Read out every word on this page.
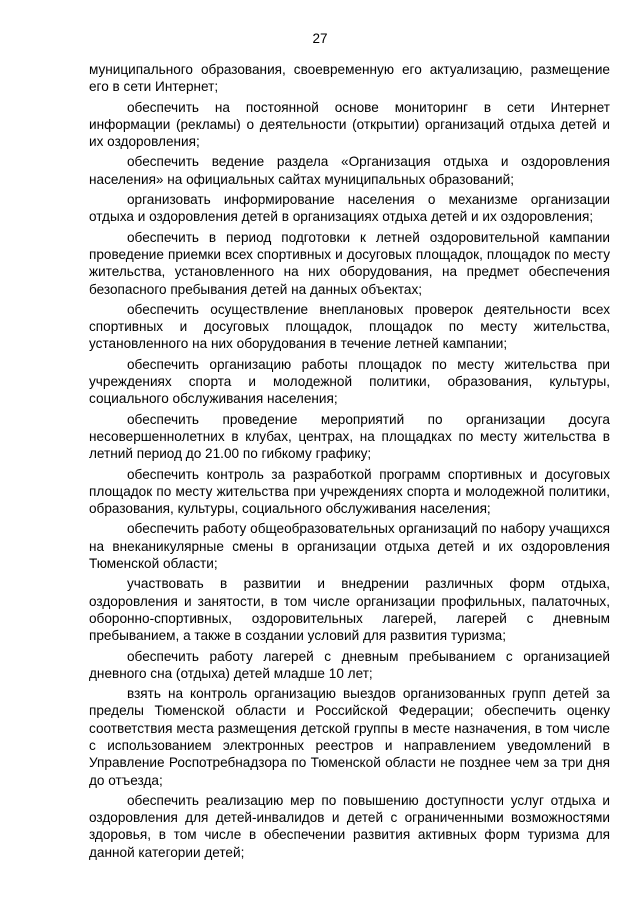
27

муниципального образования, своевременную его актуализацию, размещение его в сети Интернет;

обеспечить на постоянной основе мониторинг в сети Интернет информации (рекламы) о деятельности (открытии) организаций отдыха детей и их оздоровления;

обеспечить ведение раздела «Организация отдыха и оздоровления населения» на официальных сайтах муниципальных образований;

организовать информирование населения о механизме организации отдыха и оздоровления детей в организациях отдыха детей и их оздоровления;

обеспечить в период подготовки к летней оздоровительной кампании проведение приемки всех спортивных и досуговых площадок, площадок по месту жительства, установленного на них оборудования, на предмет обеспечения безопасного пребывания детей на данных объектах;

обеспечить осуществление внеплановых проверок деятельности всех спортивных и досуговых площадок, площадок по месту жительства, установленного на них оборудования в течение летней кампании;

обеспечить организацию работы площадок по месту жительства при учреждениях спорта и молодежной политики, образования, культуры, социального обслуживания населения;

обеспечить проведение мероприятий по организации досуга несовершеннолетних в клубах, центрах, на площадках по месту жительства в летний период до 21.00 по гибкому графику;

обеспечить контроль за разработкой программ спортивных и досуговых площадок по месту жительства при учреждениях спорта и молодежной политики, образования, культуры, социального обслуживания населения;

обеспечить работу общеобразовательных организаций по набору учащихся на внеканикулярные смены в организации отдыха детей и их оздоровления Тюменской области;

участвовать в развитии и внедрении различных форм отдыха, оздоровления и занятости, в том числе организации профильных, палаточных, оборонно-спортивных, оздоровительных лагерей, лагерей с дневным пребыванием, а также в создании условий для развития туризма;

обеспечить работу лагерей с дневным пребыванием с организацией дневного сна (отдыха) детей младше 10 лет;

взять на контроль организацию выездов организованных групп детей за пределы Тюменской области и Российской Федерации; обеспечить оценку соответствия места размещения детской группы в месте назначения, в том числе с использованием электронных реестров и направлением уведомлений в Управление Роспотребнадзора по Тюменской области не позднее чем за три дня до отъезда;

обеспечить реализацию мер по повышению доступности услуг отдыха и оздоровления для детей-инвалидов и детей с ограниченными возможностями здоровья, в том числе в обеспечении развития активных форм туризма для данной категории детей;
